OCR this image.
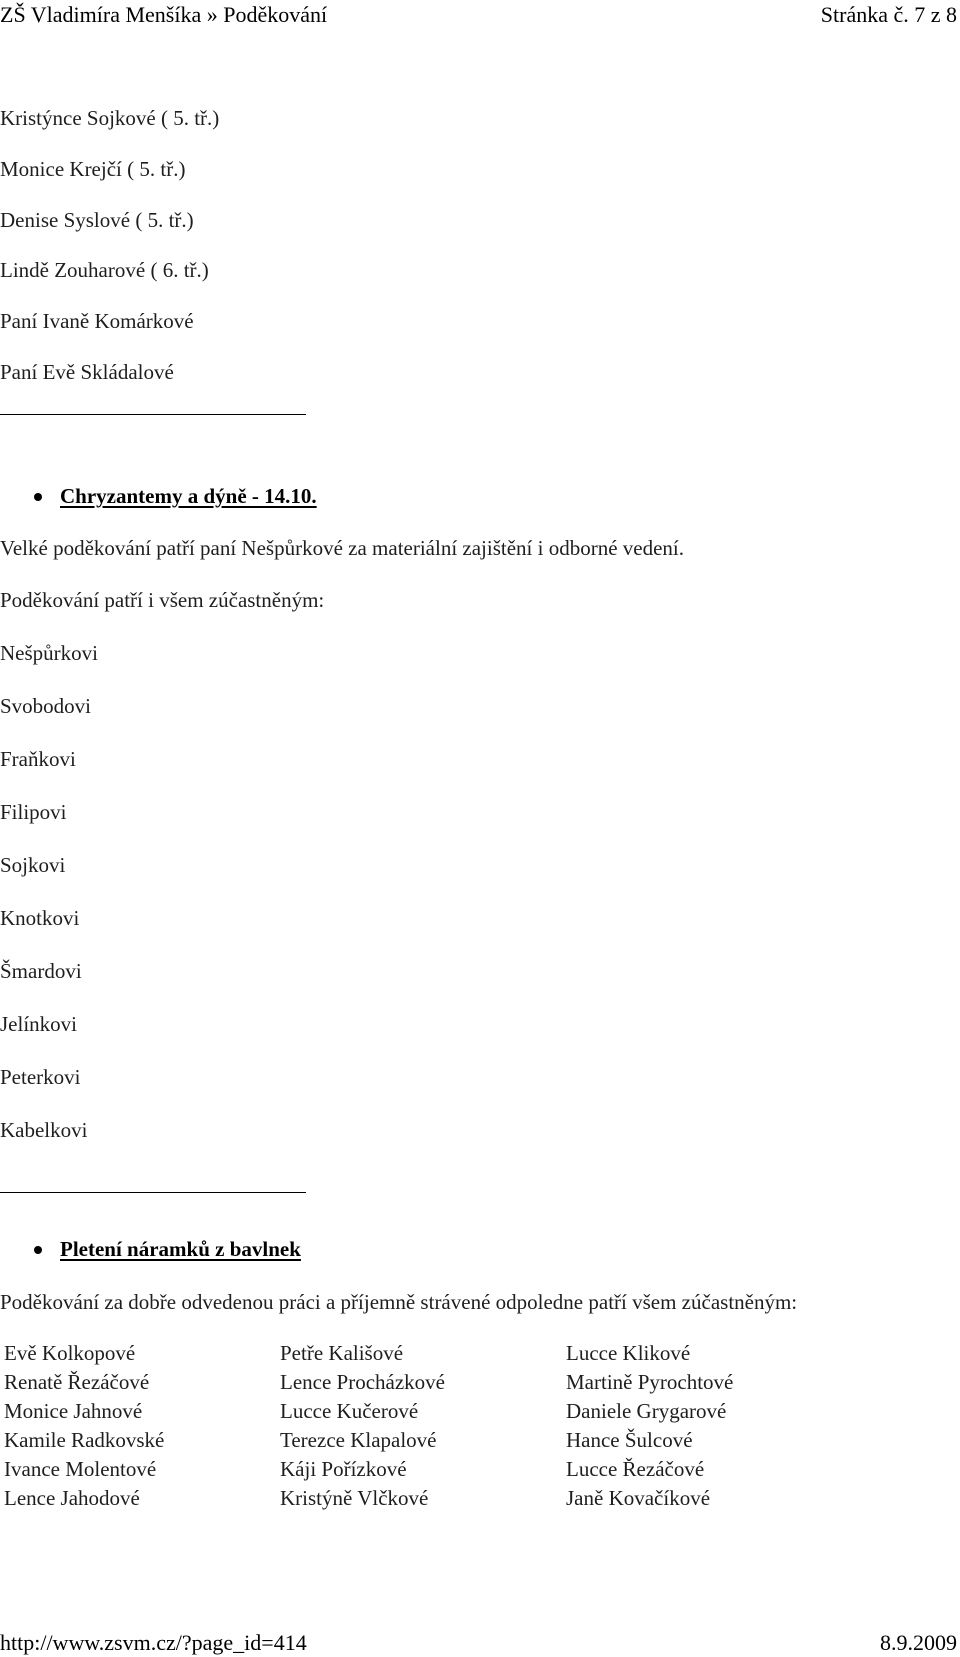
ZŠ Vladimíra Menšíka » Poděkování	Stránka č. 7 z 8
Kristýnce Sojkové ( 5. tř.)
Monice Krejčí ( 5. tř.)
Denise Syslové ( 5. tř.)
Lindě Zouharové ( 6. tř.)
Paní Ivaně Komárkové
Paní Evě Skládalové
Chryzantemy a dýně - 14.10.
Velké poděkování patří paní Nešpůrkové za materiální zajištění i odborné vedení.
Poděkování patří i všem zúčastněným:
Nešpůrkovi
Svobodovi
Fraňkovi
Filipovi
Sojkovi
Knotkovi
Šmardovi
Jelínkovi
Peterkovi
Kabelkovi
Pletení náramků z bavlnek
Poděkování za dobře odvedenou práci a příjemně strávené odpoledne patří všem zúčastněným:
Evě Kolkopové	Petře Kališové	Lucce Klikové
Renatě Řezáčové	Lence Procházkové	Martině Pyrochtové
Monice Jahnové	Lucce Kučerové	Daniele Grygarové
Kamile Radkovské	Terezce Klapalové	Hance Šulcové
Ivance Molentové	Káji Pořízkové	Lucce Řezáčové
Lence Jahodové	Kristýně Vlčkové	Janě Kovačíkové
http://www.zsvm.cz/?page_id=414	8.9.2009
